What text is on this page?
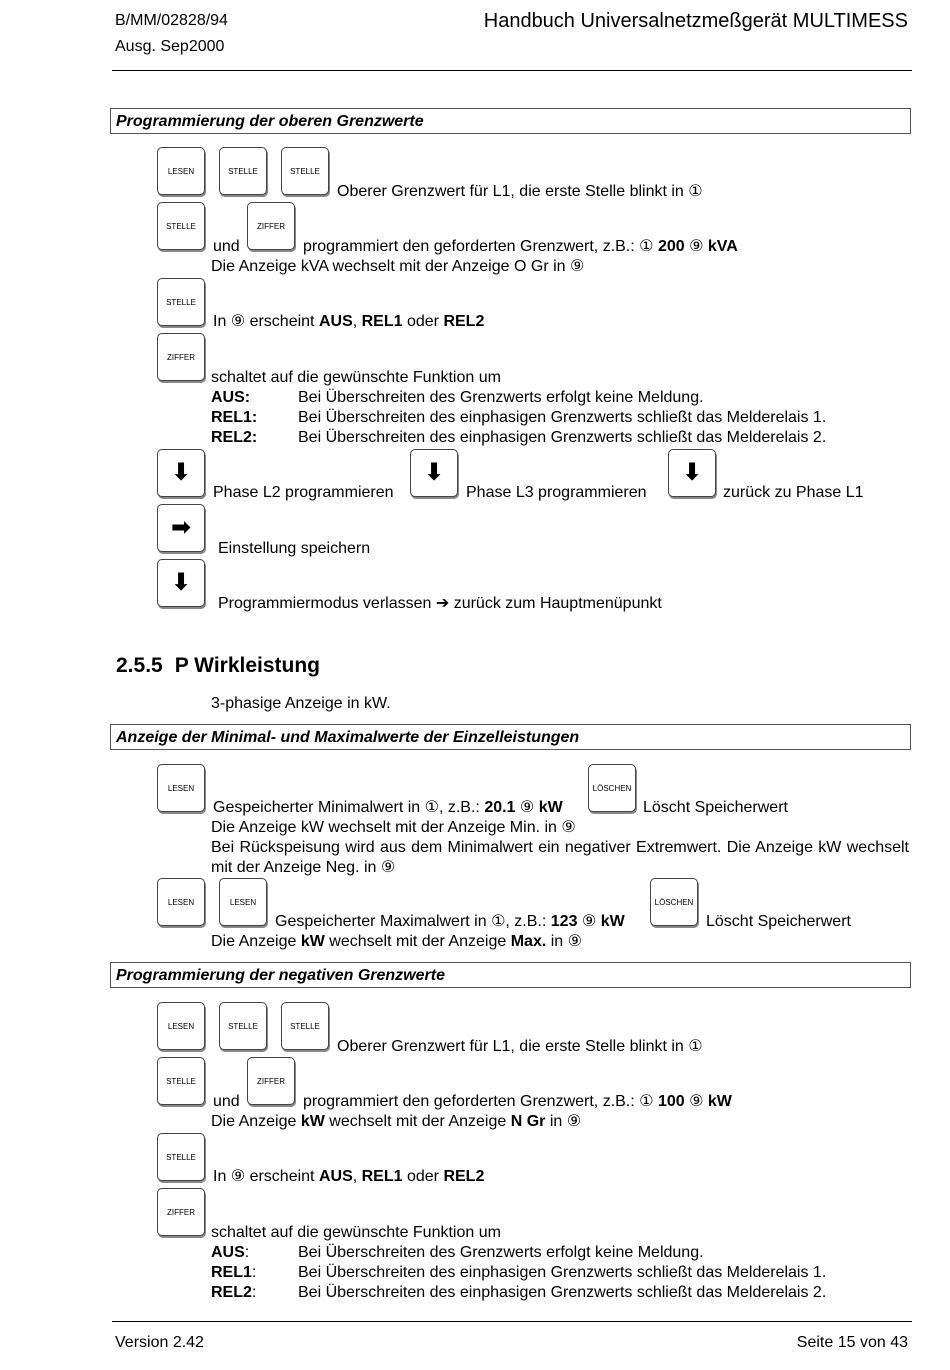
B/MM/02828/94
Ausg. Sep2000
Handbuch Universalnetzmeßgerät MULTIMESS
Programmierung der oberen Grenzwerte
LESEN	STELLE	STELLE
Oberer Grenzwert für L1, die erste Stelle blinkt in ①
STELLE
und
ZIFFER
programmiert den geforderten Grenzwert, z.B.: ① 200 ⑨ kVA
Die Anzeige kVA wechselt mit der Anzeige O Gr in ⑨
STELLE
In ⑨ erscheint AUS, REL1 oder REL2
ZIFFER
schaltet auf die gewünschte Funktion um
AUS:	Bei Überschreiten des Grenzwerts erfolgt keine Meldung.
REL1:	Bei Überschreiten des einphasigen Grenzwerts schließt das Melderelais 1.
REL2:	Bei Überschreiten des einphasigen Grenzwerts schließt das Melderelais 2.
⬇
Phase L2 programmieren
⬇
Phase L3 programmieren
⬇
zurück zu Phase L1
➡
Einstellung speichern
⬇
Programmiermodus verlassen ➔ zurück zum Hauptmenüpunkt
2.5.5 P Wirkleistung
3-phasige Anzeige in kW.
Anzeige der Minimal- und Maximalwerte der Einzelleistungen
LESEN
Gespeicherter Minimalwert in ①, z.B.: 20.1 ⑨ kW
LÖSCHEN
Löscht Speicherwert
Die Anzeige kW wechselt mit der Anzeige Min. in ⑨
Bei Rückspeisung wird aus dem Minimalwert ein negativer Extremwert. Die Anzeige kW wechselt mit der Anzeige Neg. in ⑨
LESEN	LESEN
Gespeicherter Maximalwert in ①, z.B.: 123 ⑨ kW
LÖSCHEN
Löscht Speicherwert
Die Anzeige kW wechselt mit der Anzeige Max. in ⑨
Programmierung der negativen Grenzwerte
LESEN	STELLE	STELLE
Oberer Grenzwert für L1, die erste Stelle blinkt in ①
STELLE
und
ZIFFER
programmiert den geforderten Grenzwert, z.B.: ① 100 ⑨ kW
Die Anzeige kW wechselt mit der Anzeige N Gr in ⑨
STELLE
In ⑨ erscheint AUS, REL1 oder REL2
ZIFFER
schaltet auf die gewünschte Funktion um
AUS:	Bei Überschreiten des Grenzwerts erfolgt keine Meldung.
REL1:	Bei Überschreiten des einphasigen Grenzwerts schließt das Melderelais 1.
REL2:	Bei Überschreiten des einphasigen Grenzwerts schließt das Melderelais 2.
Version 2.42	Seite 15 von 43
